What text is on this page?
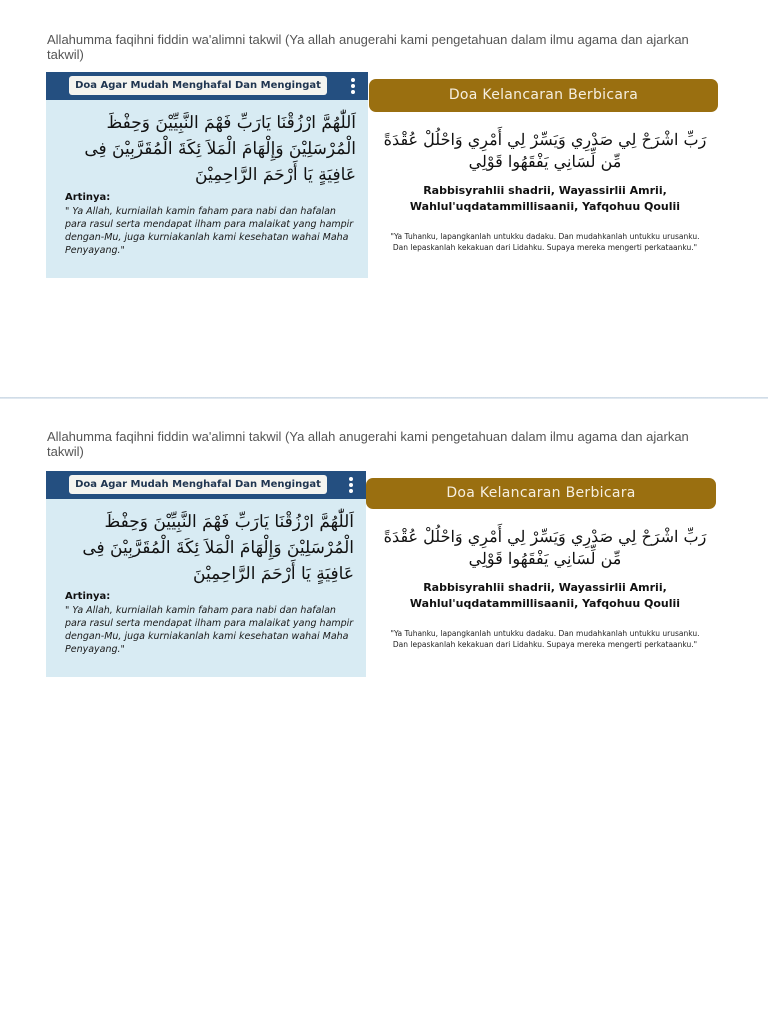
Allahumma faqihni fiddin wa'alimni takwil (Ya allah anugerahi kami pengetahuan dalam ilmu agama dan ajarkan takwil)
Doa Agar Mudah Menghafal Dan Mengingat
اَللّٰهُمَّ ارْزُقْنَا يَارَبِّ فَهْمَ النَّبِيِّيْنَ وَحِفْظَ الْمُرْسَلِيْنَ وَإِلْهَامَ الْمَلاَ ئِكَةَ الْمُقَرَّبِيْنَ فِى عَافِيَةٍ يَا أَرْحَمَ الرَّاحِمِيْنَ
Artinya:
" Ya Allah, kurniailah kamin faham para nabi dan hafalan para rasul serta mendapat ilham para malaikat yang hampir dengan-Mu, juga kurniakanlah kami kesehatan wahai Maha Penyayang."
Doa Kelancaran Berbicara
رَبِّ اشْرَحْ لِي صَدْرِي وَيَسِّرْ لِي أَمْرِي وَاحْلُلْ عُقْدَةً مِّن لِّسَانِي يَفْقَهُوا قَوْلِي
Rabbisyrahlii shadrii, Wayassirlii Amrii, Wahlul'uqdatammillisaanii, Yafqohuu Qoulii
"Ya Tuhanku, lapangkanlah untukku dadaku. Dan mudahkanlah untukku urusanku. Dan lepaskanlah kekakuan dari Lidahku. Supaya mereka mengerti perkataanku."
Allahumma faqihni fiddin wa'alimni takwil (Ya allah anugerahi kami pengetahuan dalam ilmu agama dan ajarkan takwil)
Doa Agar Mudah Menghafal Dan Mengingat
اَللّٰهُمَّ ارْزُقْنَا يَارَبِّ فَهْمَ النَّبِيِّيْنَ وَحِفْظَ الْمُرْسَلِيْنَ وَإِلْهَامَ الْمَلاَ ئِكَةَ الْمُقَرَّبِيْنَ فِى عَافِيَةٍ يَا أَرْحَمَ الرَّاحِمِيْنَ
Artinya:
" Ya Allah, kurniailah kamin faham para nabi dan hafalan para rasul serta mendapat ilham para malaikat yang hampir dengan-Mu, juga kurniakanlah kami kesehatan wahai Maha Penyayang."
Doa Kelancaran Berbicara
رَبِّ اشْرَحْ لِي صَدْرِي وَيَسِّرْ لِي أَمْرِي وَاحْلُلْ عُقْدَةً مِّن لِّسَانِي يَفْقَهُوا قَوْلِي
Rabbisyrahlii shadrii, Wayassirlii Amrii, Wahlul'uqdatammillisaanii, Yafqohuu Qoulii
"Ya Tuhanku, lapangkanlah untukku dadaku. Dan mudahkanlah untukku urusanku. Dan lepaskanlah kekakuan dari Lidahku. Supaya mereka mengerti perkataanku."
